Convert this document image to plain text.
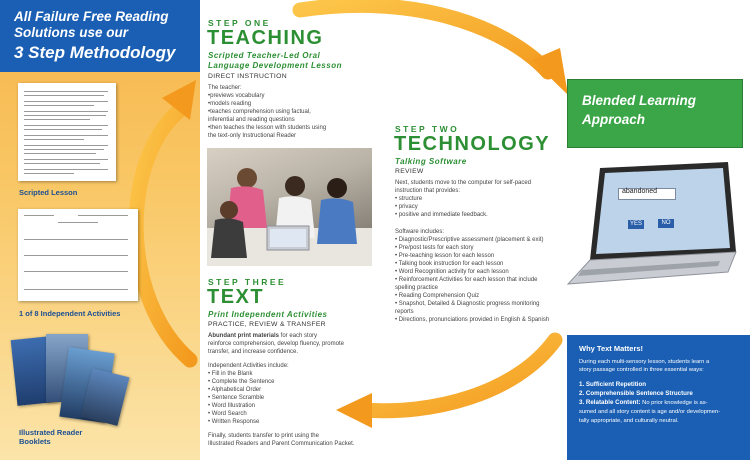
All Failure Free Reading
Solutions use our
3 Step Methodology
Scripted Lesson
1 of 8 Independent Activities
Illustrated Reader
Booklets
STEP ONE
TEACHING
Scripted Teacher-Led Oral
Language Development Lesson
DIRECT INSTRUCTION
The teacher:
•previews vocabulary
•models reading
•teaches comprehension using factual,
inferential and reading questions
•then teaches the lesson with students using
the text-only Instructional Reader
STEP TWO
TECHNOLOGY
Talking Software
REVIEW
Next, students move to the computer for self-paced
instruction that provides:
• structure
• privacy
• positive and immediate feedback.
Software includes:
• Diagnostic/Prescriptive assessment (placement & exit)
• Pre/post tests for each story
• Pre-teaching lesson for each lesson
• Talking book instruction for each lesson
• Word Recognition activity for each lesson
• Reinforcement Activities for each lesson that include
spelling practice
• Reading Comprehension Quiz
• Snapshot, Detailed & Diagnostic progress monitoring
reports
• Directions, pronunciations provided in English & Spanish
STEP THREE
TEXT
Print Independent Activities
PRACTICE, REVIEW & TRANSFER
Abundant print materials for each story
reinforce comprehension, develop fluency, promote
transfer, and increase confidence.
Independent Activities include:
• Fill in the Blank
• Complete the Sentence
• Alphabetical Order
• Sentence Scramble
• Word Illustration
• Word Search
• Written Response
Finally, students transfer to print using the
Illustrated Readers and Parent Communication Packet.
Blended Learning
Approach
abandoned
YES	NO
Why Text Matters!
During each multi-sensory lesson, students learn a
story passage controlled in three essential ways:
1. Sufficient Repetition
2. Comprehensible Sentence Structure
3. Relatable Content: No prior knowledge is as-
sumed and all story content is age and/or developmen-
tally appropriate, and culturally neutral.
